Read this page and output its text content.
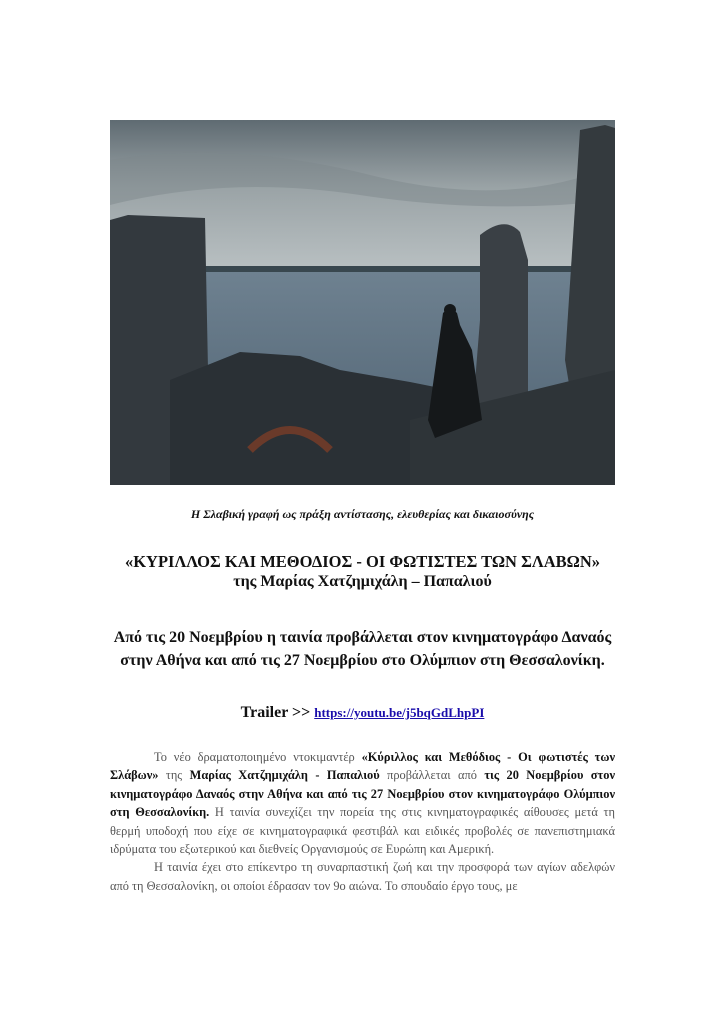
Η Σλαβική γραφή ως πράξη αντίστασης, ελευθερίας και δικαιοσύνης
«ΚΥΡΙΛΛΟΣ ΚΑΙ ΜΕΘΟΔΙΟΣ - ΟΙ ΦΩΤΙΣΤΕΣ ΤΩΝ ΣΛΑΒΩΝ»
της Μαρίας Χατζημιχάλη – Παπαλιού
Από τις 20 Νοεμβρίου η ταινία προβάλλεται στον κινηματογράφο Δαναός
στην Αθήνα και από τις 27 Νοεμβρίου στο Ολύμπιον στη Θεσσαλονίκη.
Trailer >> https://youtu.be/j5bqGdLhpPI

Το νέο δραματοποιημένο ντοκιμαντέρ «Κύριλλος και Μεθόδιος - Οι φωτιστές των Σλάβων» της Μαρίας Χατζημιχάλη - Παπαλιού προβάλλεται από τις 20 Νοεμβρίου στον κινηματογράφο Δαναός στην Αθήνα και από τις 27 Νοεμβρίου στον κινηματογράφο Ολύμπιον στη Θεσσαλονίκη. Η ταινία συνεχίζει την πορεία της στις κινηματογραφικές αίθουσες μετά τη θερμή υποδοχή που είχε σε κινηματογραφικά φεστιβάλ και ειδικές προβολές σε πανεπιστημιακά ιδρύματα του εξωτερικού και διεθνείς Οργανισμούς σε Ευρώπη και Αμερική.

Η ταινία έχει στο επίκεντρο τη συναρπαστική ζωή και την προσφορά των αγίων αδελφών από τη Θεσσαλονίκη, οι οποίοι έδρασαν τον 9ο αιώνα. Το σπουδαίο έργο τους, με
